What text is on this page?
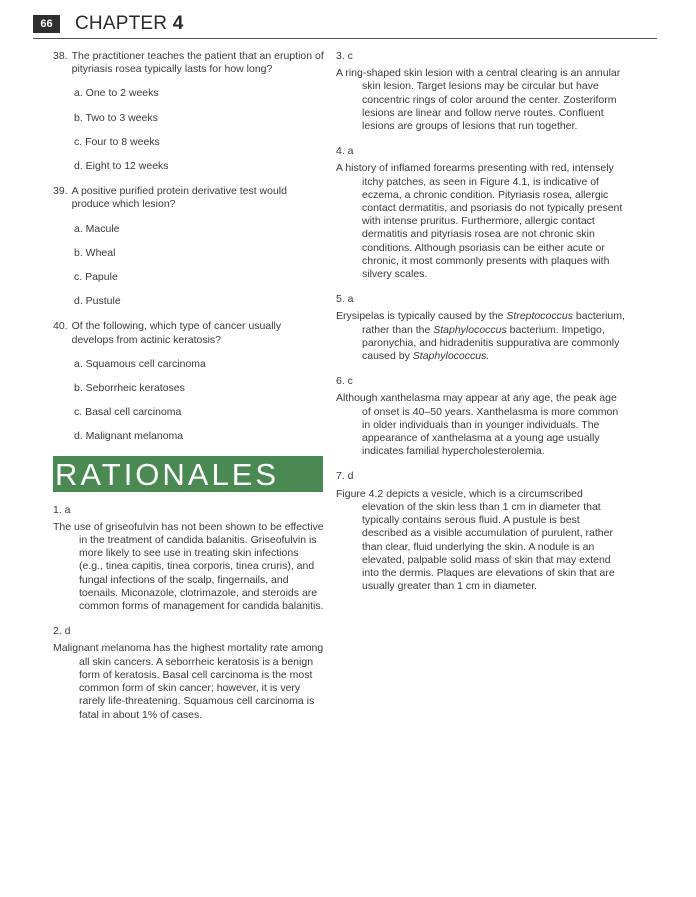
66	CHAPTER 4
38. The practitioner teaches the patient that an eruption of pityriasis rosea typically lasts for how long?
a. One to 2 weeks
b. Two to 3 weeks
c. Four to 8 weeks
d. Eight to 12 weeks
39. A positive purified protein derivative test would produce which lesion?
a. Macule
b. Wheal
c. Papule
d. Pustule
40. Of the following, which type of cancer usually develops from actinic keratosis?
a. Squamous cell carcinoma
b. Seborrheic keratoses
c. Basal cell carcinoma
d. Malignant melanoma
RATIONALES
1. a
The use of griseofulvin has not been shown to be effective in the treatment of candida balanitis. Griseofulvin is more likely to see use in treating skin infections (e.g., tinea capitis, tinea corporis, tinea cruris), and fungal infections of the scalp, fingernails, and toenails. Miconazole, clotrimazole, and steroids are common forms of management for candida balanitis.
2. d
Malignant melanoma has the highest mortality rate among all skin cancers. A seborrheic keratosis is a benign form of keratosis. Basal cell carcinoma is the most common form of skin cancer; however, it is very rarely life-threatening. Squamous cell carcinoma is fatal in about 1% of cases.
3. c
A ring-shaped skin lesion with a central clearing is an annular skin lesion. Target lesions may be circular but have concentric rings of color around the center. Zosteriform lesions are linear and follow nerve routes. Confluent lesions are groups of lesions that run together.
4. a
A history of inflamed forearms presenting with red, intensely itchy patches, as seen in Figure 4.1, is indicative of eczema, a chronic condition. Pityriasis rosea, allergic contact dermatitis, and psoriasis do not typically present with intense pruritus. Furthermore, allergic contact dermatitis and pityriasis rosea are not chronic skin conditions. Although psoriasis can be either acute or chronic, it most commonly presents with plaques with silvery scales.
5. a
Erysipelas is typically caused by the Streptococcus bacterium, rather than the Staphylococcus bacterium. Impetigo, paronychia, and hidradenitis suppurativa are commonly caused by Staphylococcus.
6. c
Although xanthelasma may appear at any age, the peak age of onset is 40–50 years. Xanthelasma is more common in older individuals than in younger individuals. The appearance of xanthelasma at a young age usually indicates familial hypercholesterolemia.
7. d
Figure 4.2 depicts a vesicle, which is a circumscribed elevation of the skin less than 1 cm in diameter that typically contains serous fluid. A pustule is best described as a visible accumulation of purulent, rather than clear, fluid underlying the skin. A nodule is an elevated, palpable solid mass of skin that may extend into the dermis. Plaques are elevations of skin that are usually greater than 1 cm in diameter.
